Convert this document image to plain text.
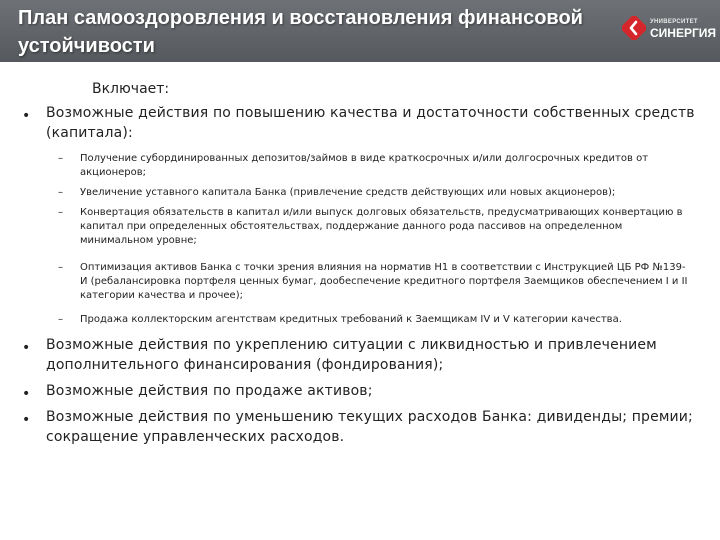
План самооздоровления и восстановления финансовой устойчивости
УНИВЕРСИТЕТ
СИНЕРГИЯ
Включает:
• Возможные действия по повышению качества и достаточности собственных средств (капитала):
– Получение субординированных депозитов/займов в виде краткосрочных и/или долгосрочных кредитов от акционеров;
– Увеличение уставного капитала Банка (привлечение средств действующих или новых акционеров);
– Конвертация обязательств в капитал и/или выпуск долговых обязательств, предусматривающих конвертацию в капитал при определенных обстоятельствах, поддержание данного рода пассивов на определенном минимальном уровне;
– Оптимизация активов Банка с точки зрения влияния на норматив Н1 в соответствии с Инструкцией ЦБ РФ №139-И (ребалансировка портфеля ценных бумаг, дообеспечение кредитного портфеля Заемщиков обеспечением I и II категории качества и прочее);
– Продажа коллекторским агентствам кредитных требований к Заемщикам IV и V категории качества.
• Возможные действия по укреплению ситуации с ликвидностью и привлечением дополнительного финансирования (фондирования);
• Возможные действия по продаже активов;
• Возможные действия по уменьшению текущих расходов Банка: дивиденды; премии; сокращение управленческих расходов.
